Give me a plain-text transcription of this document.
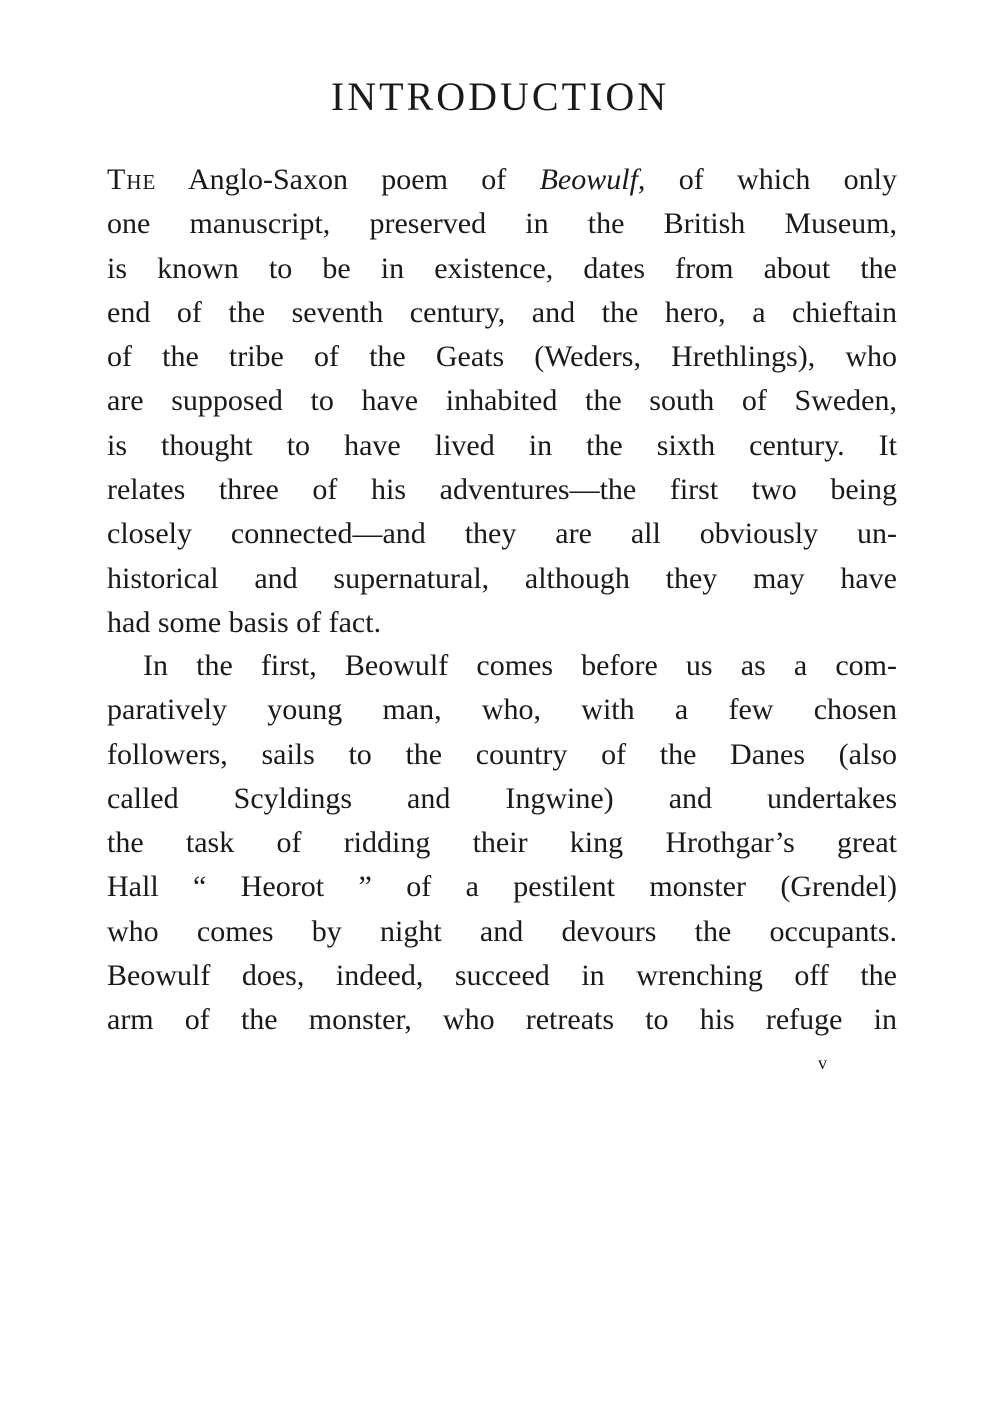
INTRODUCTION
The Anglo-Saxon poem of Beowulf, of which only
one manuscript, preserved in the British Museum,
is known to be in existence, dates from about the
end of the seventh century, and the hero, a chieftain
of the tribe of the Geats (Weders, Hrethlings), who
are supposed to have inhabited the south of Sweden,
is thought to have lived in the sixth century. It
relates three of his adventures—the first two being
closely connected—and they are all obviously un-
historical and supernatural, although they may have
had some basis of fact.
In the first, Beowulf comes before us as a com-
paratively young man, who, with a few chosen
followers, sails to the country of the Danes (also
called Scyldings and Ingwine) and undertakes
the task of ridding their king Hrothgar’s great
Hall “ Heorot ” of a pestilent monster (Grendel)
who comes by night and devours the occupants.
Beowulf does, indeed, succeed in wrenching off the
arm of the monster, who retreats to his refuge in
v
